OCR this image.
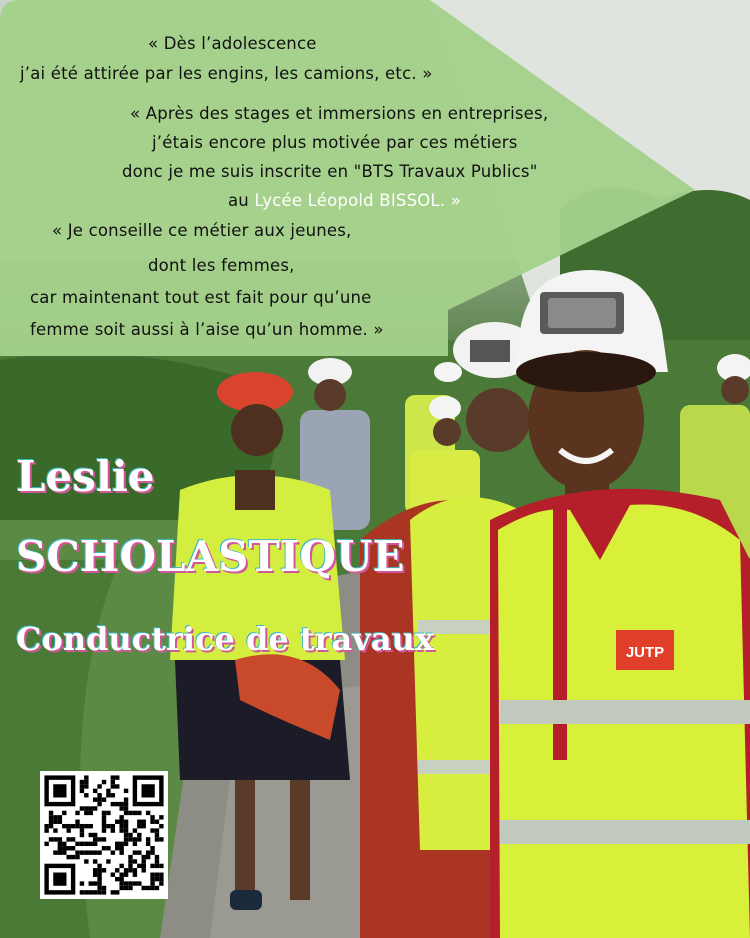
JUTP
« Dès l’adolescence
j’ai été attirée par les engins, les camions, etc. »
« Après des stages et immersions en entreprises,
j’étais encore plus motivée par ces métiers
donc je me suis inscrite en "BTS Travaux Publics"
au Lycée Léopold BISSOL. »
« Je conseille ce métier aux jeunes,
dont les femmes,
car maintenant tout est fait pour qu’une
femme soit aussi à l’aise qu’un homme. »
Leslie
SCHOLASTIQUE
Conductrice de travaux
